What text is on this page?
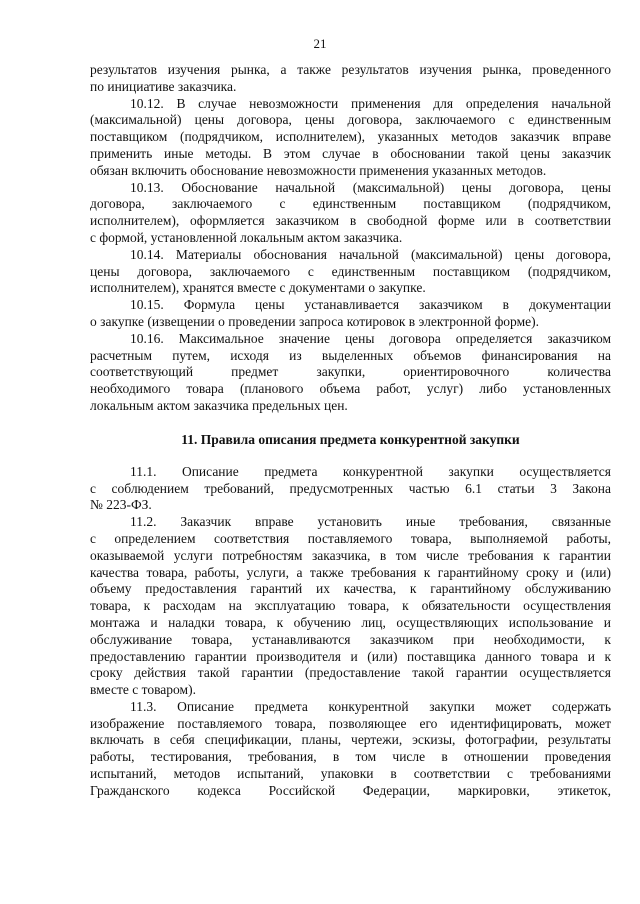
21
результатов изучения рынка, а также результатов изучения рынка, проведенного
по инициативе заказчика.
10.12. В случае невозможности применения для определения начальной
(максимальной) цены договора, цены договора, заключаемого с единственным
поставщиком (подрядчиком, исполнителем), указанных методов заказчик вправе
применить иные методы. В этом случае в обосновании такой цены заказчик
обязан включить обоснование невозможности применения указанных методов.
10.13. Обоснование начальной (максимальной) цены договора, цены
договора, заключаемого с единственным поставщиком (подрядчиком,
исполнителем), оформляется заказчиком в свободной форме или в соответствии
с формой, установленной локальным актом заказчика.
10.14. Материалы обоснования начальной (максимальной) цены договора,
цены договора, заключаемого с единственным поставщиком (подрядчиком,
исполнителем), хранятся вместе с документами о закупке.
10.15. Формула цены устанавливается заказчиком в документации
о закупке (извещении о проведении запроса котировок в электронной форме).
10.16. Максимальное значение цены договора определяется заказчиком
расчетным путем, исходя из выделенных объемов финансирования на
соответствующий предмет закупки, ориентировочного количества
необходимого товара (планового объема работ, услуг) либо установленных
локальным актом заказчика предельных цен.
11. Правила описания предмета конкурентной закупки
11.1. Описание предмета конкурентной закупки осуществляется
с соблюдением требований, предусмотренных частью 6.1 статьи 3 Закона
№ 223-ФЗ.
11.2. Заказчик вправе установить иные требования, связанные
с определением соответствия поставляемого товара, выполняемой работы,
оказываемой услуги потребностям заказчика, в том числе требования к гарантии
качества товара, работы, услуги, а также требования к гарантийному сроку и (или)
объему предоставления гарантий их качества, к гарантийному обслуживанию
товара, к расходам на эксплуатацию товара, к обязательности осуществления
монтажа и наладки товара, к обучению лиц, осуществляющих использование и
обслуживание товара, устанавливаются заказчиком при необходимости, к
предоставлению гарантии производителя и (или) поставщика данного товара и к
сроку действия такой гарантии (предоставление такой гарантии осуществляется
вместе с товаром).
11.3. Описание предмета конкурентной закупки может содержать
изображение поставляемого товара, позволяющее его идентифицировать, может
включать в себя спецификации, планы, чертежи, эскизы, фотографии, результаты
работы, тестирования, требования, в том числе в отношении проведения
испытаний, методов испытаний, упаковки в соответствии с требованиями
Гражданского кодекса Российской Федерации, маркировки, этикеток,
